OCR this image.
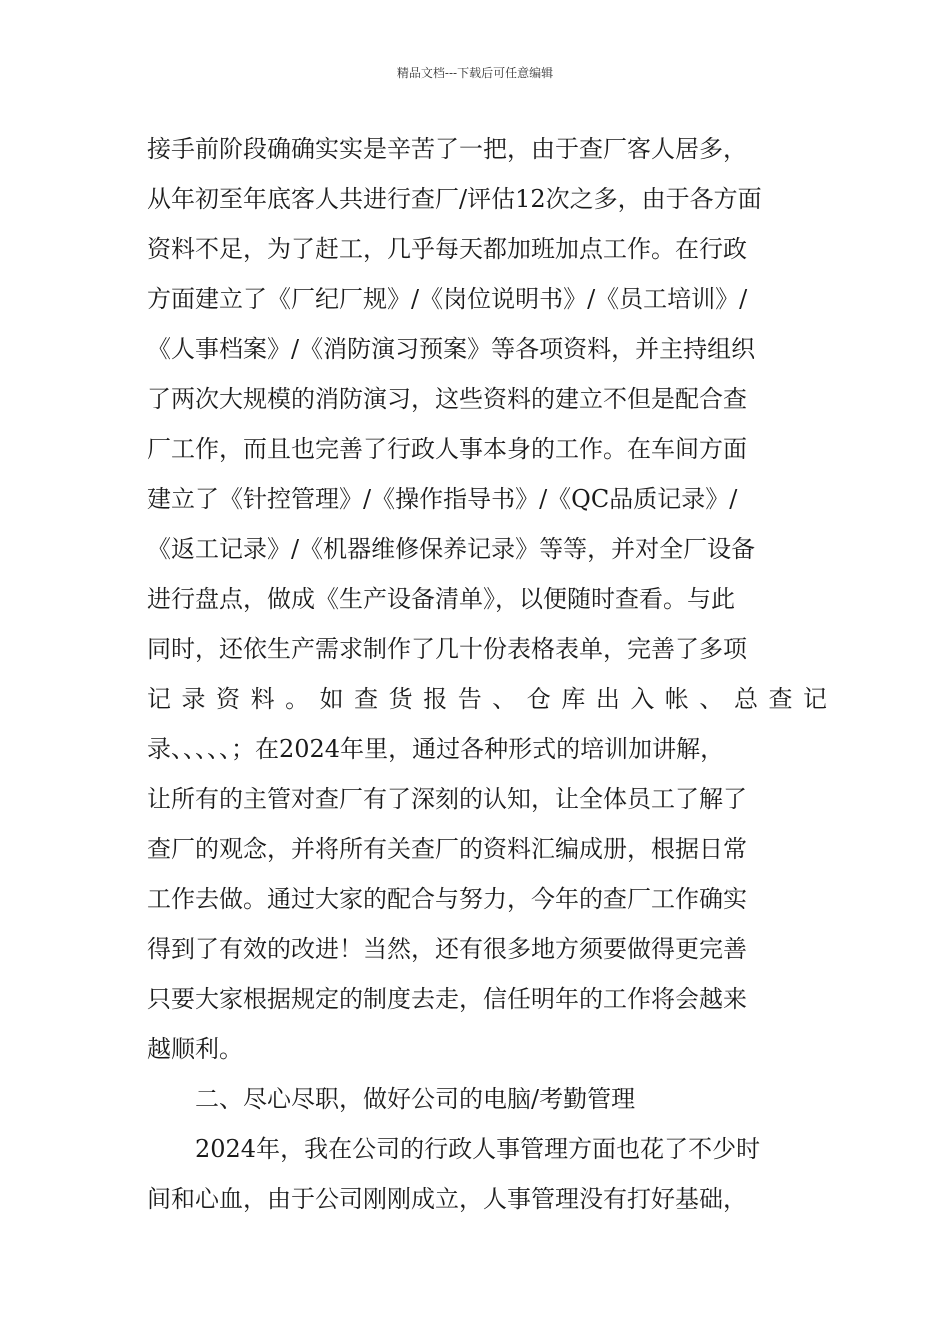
精品文档---下载后可任意编辑
接手前阶段确确实实是辛苦了一把，由于查厂客人居多，
从年初至年底客人共进行查厂/评估12次之多，由于各方面
资料不足，为了赶工，几乎每天都加班加点工作。在行政
方面建立了《厂纪厂规》/《岗位说明书》/《员工培训》/
《人事档案》/《消防演习预案》等各项资料，并主持组织
了两次大规模的消防演习，这些资料的建立不但是配合查
厂工作，而且也完善了行政人事本身的工作。在车间方面
建立了《针控管理》/《操作指导书》/《QC品质记录》/
《返工记录》/《机器维修保养记录》等等，并对全厂设备
进行盘点，做成《生产设备清单》，以便随时查看。与此
同时，还依生产需求制作了几十份表格表单，完善了多项
记录资料。如查货报告、仓库出入帐、总查记
录、、、、、；在2024年里，通过各种形式的培训加讲解，
让所有的主管对查厂有了深刻的认知，让全体员工了解了
查厂的观念，并将所有关查厂的资料汇编成册，根据日常
工作去做。通过大家的配合与努力，今年的查厂工作确实
得到了有效的改进！当然，还有很多地方须要做得更完善
只要大家根据规定的制度去走，信任明年的工作将会越来
越顺利。
二、尽心尽职，做好公司的电脑/考勤管理
2024年，我在公司的行政人事管理方面也花了不少时
间和心血，由于公司刚刚成立，人事管理没有打好基础，
